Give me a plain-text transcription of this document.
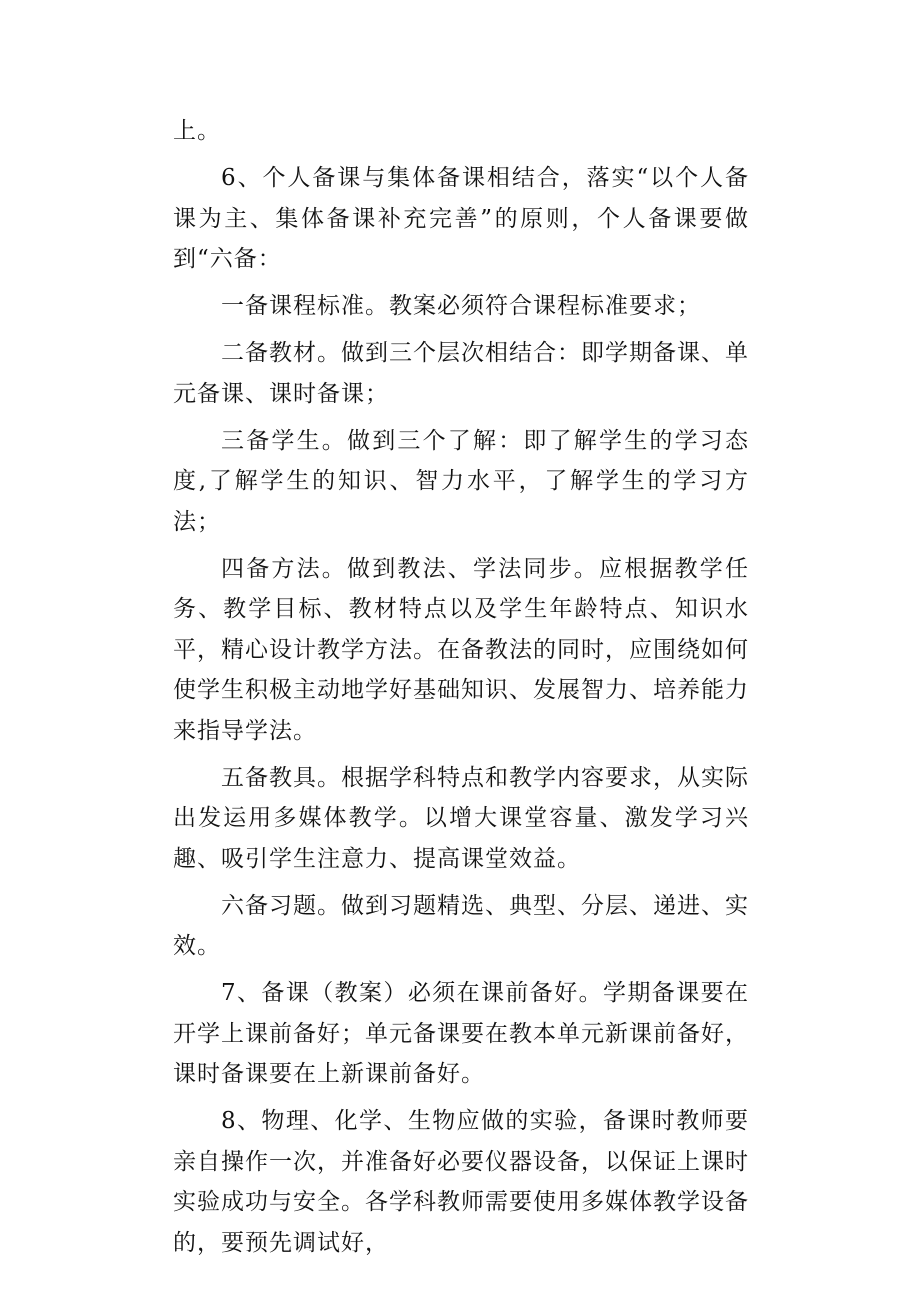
上。

6、个人备课与集体备课相结合，落实“以个人备课为主、集体备课补充完善”的原则，个人备课要做到“六备：

一备课程标准。教案必须符合课程标准要求；

二备教材。做到三个层次相结合：即学期备课、单元备课、课时备课；

三备学生。做到三个了解：即了解学生的学习态度,了解学生的知识、智力水平，了解学生的学习方法；

四备方法。做到教法、学法同步。应根据教学任务、教学目标、教材特点以及学生年龄特点、知识水平，精心设计教学方法。在备教法的同时，应围绕如何使学生积极主动地学好基础知识、发展智力、培养能力来指导学法。

五备教具。根据学科特点和教学内容要求，从实际出发运用多媒体教学。以增大课堂容量、激发学习兴趣、吸引学生注意力、提高课堂效益。

六备习题。做到习题精选、典型、分层、递进、实效。

7、备课（教案）必须在课前备好。学期备课要在开学上课前备好；单元备课要在教本单元新课前备好，课时备课要在上新课前备好。

8、物理、化学、生物应做的实验，备课时教师要亲自操作一次，并准备好必要仪器设备，以保证上课时实验成功与安全。各学科教师需要使用多媒体教学设备的，要预先调试好，
